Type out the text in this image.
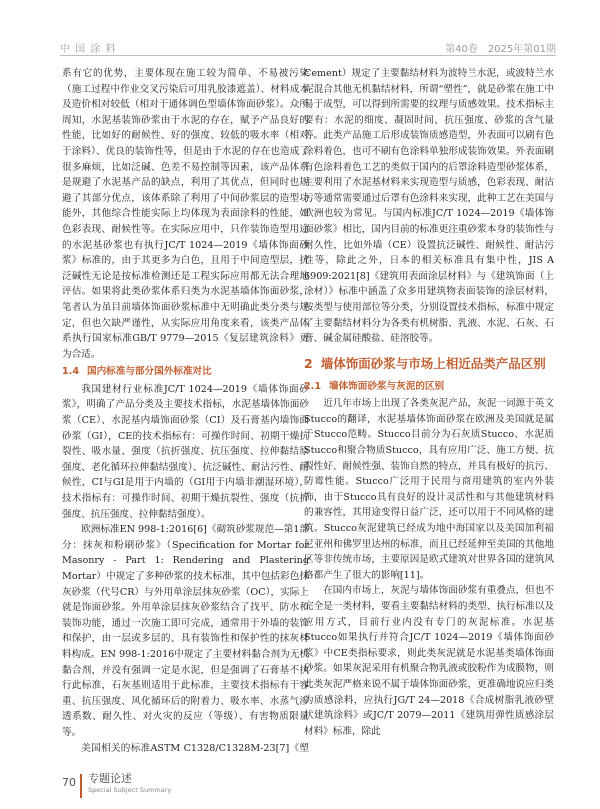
中 国 涂 料	第40卷　2025年第01期

系有它的优势，主要体现在施工较为简单、不易被污染（施工过程中作业交叉污染后可用乳胶漆遮盖）、材料成本及造价相对较低（相对于通体调色型墙体饰面砂浆）。众所周知，水泥基装饰砂浆由于水泥的存在，赋予产品良好的性能，比如好的耐候性、好的强度、较低的吸水率（相对于涂料）、优良的装饰性等，但是由于水泥的存在也造成了很多麻烦，比如泛碱、色差不易控制等因素，该产品体系是规避了水泥基产品的缺点，利用了其优点，但同时也规避了其部分优点，该体系除了利用了中间砂浆层的造型功能外，其他综合性能实际上均体现为表面涂料的性能，如色彩表现、耐候性等。在实际应用中，只作装饰造型用途的水泥基砂浆也有执行JC/T 1024—2019《墙体饰面砂浆》标准的，由于其更多为白色，且用于中间造型层，抗泛碱性无论是按标准检测还是工程实际应用都无法合理地评估。如果将此类砂浆体系归类为水泥基墙体饰面砂浆，笔者认为虽目前墙体饰面砂浆标准中无明确此类分类与规定，但也欠缺严谨性，从实际应用角度来看，该类产品体系执行国家标准GB/T 9779—2015《复层建筑涂料》更为合适。

1.4 国内标准与部分国外标准对比

我国建材行业标准JC/T 1024—2019《墙体饰面砂浆》，明确了产品分类及主要技术指标，水泥基墙体饰面砂浆（CE）、水泥基内墙饰面砂浆（CI）及石膏基内墙饰面砂浆（GI），CE的技术指标有：可操作时间、初期干燥抗裂性、吸水量、强度（抗折强度、抗压强度、拉伸黏结原强度、老化循环拉伸黏结强度）、抗泛碱性、耐沾污性、耐候性，CI与GI是用于内墙的（GI用于内墙非潮湿环境），技术指标有：可操作时间、初期干燥抗裂性、强度（抗折强度、抗压强度、拉伸黏结强度）。

欧洲标准EN 998-1:2016[6]《砌筑砂浆规范—第1部分：抹灰和粉刷砂浆》（Specification for Mortar for Masonry - Part 1: Rendering and Plastering Mortar）中规定了多种砂浆的技术标准，其中包括彩色抹灰砂浆（代号CR）与外用单涂层抹灰砂浆（OC），实际上就是饰面砂浆。外用单涂层抹灰砂浆结合了找平、防水和装饰功能，通过一次施工即可完成，通常用于外墙的装饰和保护，由一层或多层的、具有装饰性和保护性的抹灰材料构成。EN 998-1:2016中规定了主要材料黏合剂为无机黏合剂，并没有强调一定是水泥，但是强调了石膏基不执行此标准，石灰基则适用于此标准，主要技术指标有干容重、抗压强度、风化循环后的附着力、吸水率、水蒸气渗透系数、耐久性、对火灾的反应（等级）、有害物质限量等。

美国相关的标准ASTM C1328/C1328M-23[7]《塑

Cement）规定了主要黏结材料为波特兰水泥，或波特兰水泥混合其他无机黏结材料，所谓“塑性”，就是砂浆在施工中易于成型，可以得到所需要的纹理与质感效果。技术指标主要有：水泥的细度、凝固时间、抗压强度、砂浆的含气量等。此类产品施工后形成装饰质感造型，外表面可以刷有色涂料着色，也可不刷有色涂料单独形成装饰效果。外表面刷有色涂料着色工艺的类似于国内的后罩涂料造型砂浆体系，主要利用了水泥基材料来实现造型与质感，色彩表现、耐沾污等通常需要通过后罩有色涂料来实现，此种工艺在美国与欧洲也较为常见。与国内标准JC/T 1024—2019《墙体饰面砂浆》相比，国内目前的标准更注重砂浆本身的装饰性与耐久性，比如外墙（CE）设置抗泛碱性、耐候性、耐沾污性等，除此之外，日本的相关标准具有集中性，JIS A 6909:2021[8]《建筑用表面涂层材料》与《建筑饰面（上涂材）》标准中涵盖了众多用建筑物表面装饰的涂层材料，按类型与使用部位等分类，分别设置技术指标，标准中规定了主要黏结材料分为各类有机树脂、乳液、水泥、石灰、石膏、碱金属硅酸盐、硅溶胶等。

2 墙体饰面砂浆与市场上相近品类产品区别
2.1 墙体饰面砂浆与灰泥的区别

近几年市场上出现了各类灰泥产品，灰泥一词源于英文Stucco的翻译，水泥基墙体饰面砂浆在欧洲及美国就是属于Stucco范畴。Stucco目前分为石灰质Stucco、水泥质Stucco和聚合物质Stucco，具有应用广泛、施工方便、抗裂性好、耐候性强、装饰自然的特点，并具有极好的抗污、防霉性能。Stucco广泛用于民用与商用建筑的室内外装饰，由于Stucco具有良好的设计灵活性和与其他建筑材料的兼容性，其用途变得日益广泛，还可以用于不同风格的建筑。Stucco灰泥建筑已经成为地中海国家以及美国加利福尼亚州和佛罗里达州的标准，而且已经延伸至美国的其他地区等非传统市场，主要原因是欧式建筑对世界各国的建筑风格都产生了很大的影响[11]。

在国内市场上，灰泥与墙体饰面砂浆有重叠点，但也不完全是一类材料，要看主要黏结材料的类型、执行标准以及应用方式，目前行业内没有专门的灰泥标准。水泥基Stucco如果执行并符合JC/T 1024—2019《墙体饰面砂浆》中CE类指标要求，则此类灰泥就是水泥基类墙体饰面砂浆。如果灰泥采用有机聚合物乳液或胶粉作为成膜物，则此类灰泥严格来说不属于墙体饰面砂浆，更准确地说应归类为质感涂料，应执行JG/T 24—2018《合成树脂乳液砂壁状建筑涂料》或JC/T 2079—2011《建筑用弹性质感涂层材料》标准，除此

70 专题论述
Special Subject Summary
